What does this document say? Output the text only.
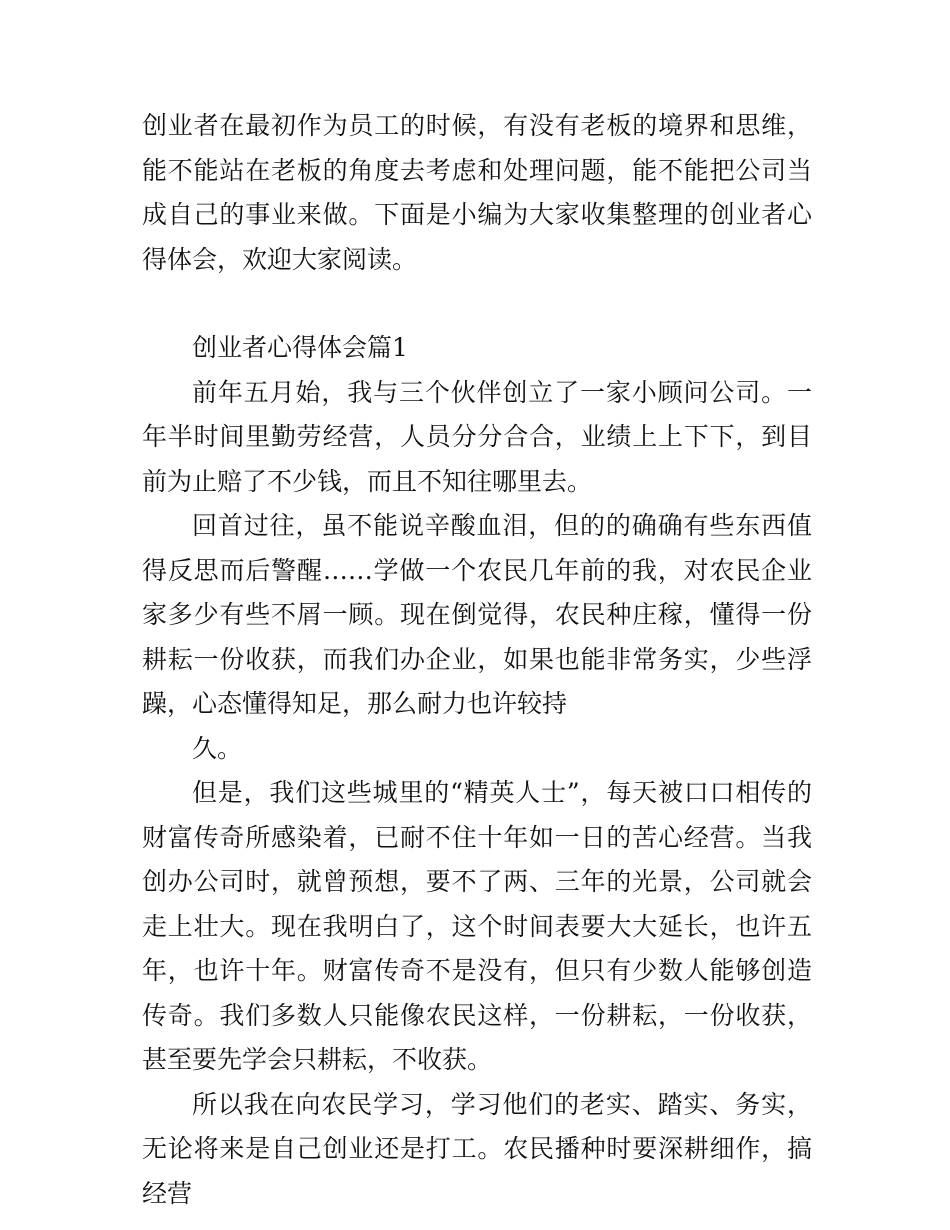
创业者在最初作为员工的时候，有没有老板的境界和思维，能不能站在老板的角度去考虑和处理问题，能不能把公司当成自己的事业来做。下面是小编为大家收集整理的创业者心得体会，欢迎大家阅读。

创业者心得体会篇1

前年五月始，我与三个伙伴创立了一家小顾问公司。一年半时间里勤劳经营，人员分分合合，业绩上上下下，到目前为止赔了不少钱，而且不知往哪里去。

回首过往，虽不能说辛酸血泪，但的的确确有些东西值得反思而后警醒……学做一个农民几年前的我，对农民企业家多少有些不屑一顾。现在倒觉得，农民种庄稼，懂得一份耕耘一份收获，而我们办企业，如果也能非常务实，少些浮躁，心态懂得知足，那么耐力也许较持

久。

但是，我们这些城里的“精英人士”，每天被口口相传的财富传奇所感染着，已耐不住十年如一日的苦心经营。当我创办公司时，就曾预想，要不了两、三年的光景，公司就会走上壮大。现在我明白了，这个时间表要大大延长，也许五年，也许十年。财富传奇不是没有，但只有少数人能够创造传奇。我们多数人只能像农民这样，一份耕耘，一份收获，甚至要先学会只耕耘，不收获。

所以我在向农民学习，学习他们的老实、踏实、务实，无论将来是自己创业还是打工。农民播种时要深耕细作，搞经营
